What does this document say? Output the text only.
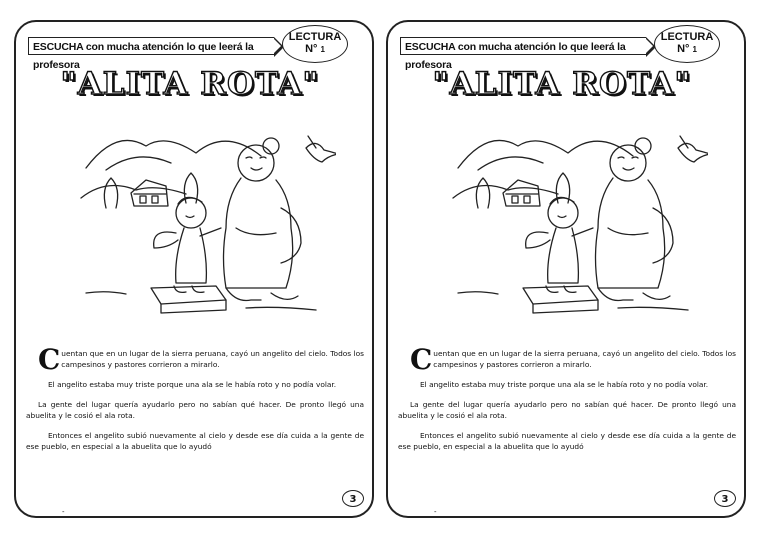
ESCUCHA con mucha atención lo que leerá la profesora
LECTURA
N° 1
"ALITA ROTA"

Cuentan que en un lugar de la sierra peruana, cayó un angelito del cielo. Todos los campesinos y pastores corrieron a mirarlo.

El angelito estaba muy triste porque una ala se le había roto y no podía volar.

La gente del lugar quería ayudarlo pero no sabían qué hacer. De pronto llegó una abuelita y le cosió el ala rota.

Entonces el angelito subió nuevamente al cielo y desde ese día cuida a la gente de ese pueblo, en especial a la abuelita que lo ayudó

3
-
ESCUCHA con mucha atención lo que leerá la profesora
LECTURA
N° 1
"ALITA ROTA"

Cuentan que en un lugar de la sierra peruana, cayó un angelito del cielo. Todos los campesinos y pastores corrieron a mirarlo.

El angelito estaba muy triste porque una ala se le había roto y no podía volar.

La gente del lugar quería ayudarlo pero no sabían qué hacer. De pronto llegó una abuelita y le cosió el ala rota.

Entonces el angelito subió nuevamente al cielo y desde ese día cuida a la gente de ese pueblo, en especial a la abuelita que lo ayudó

3
-
